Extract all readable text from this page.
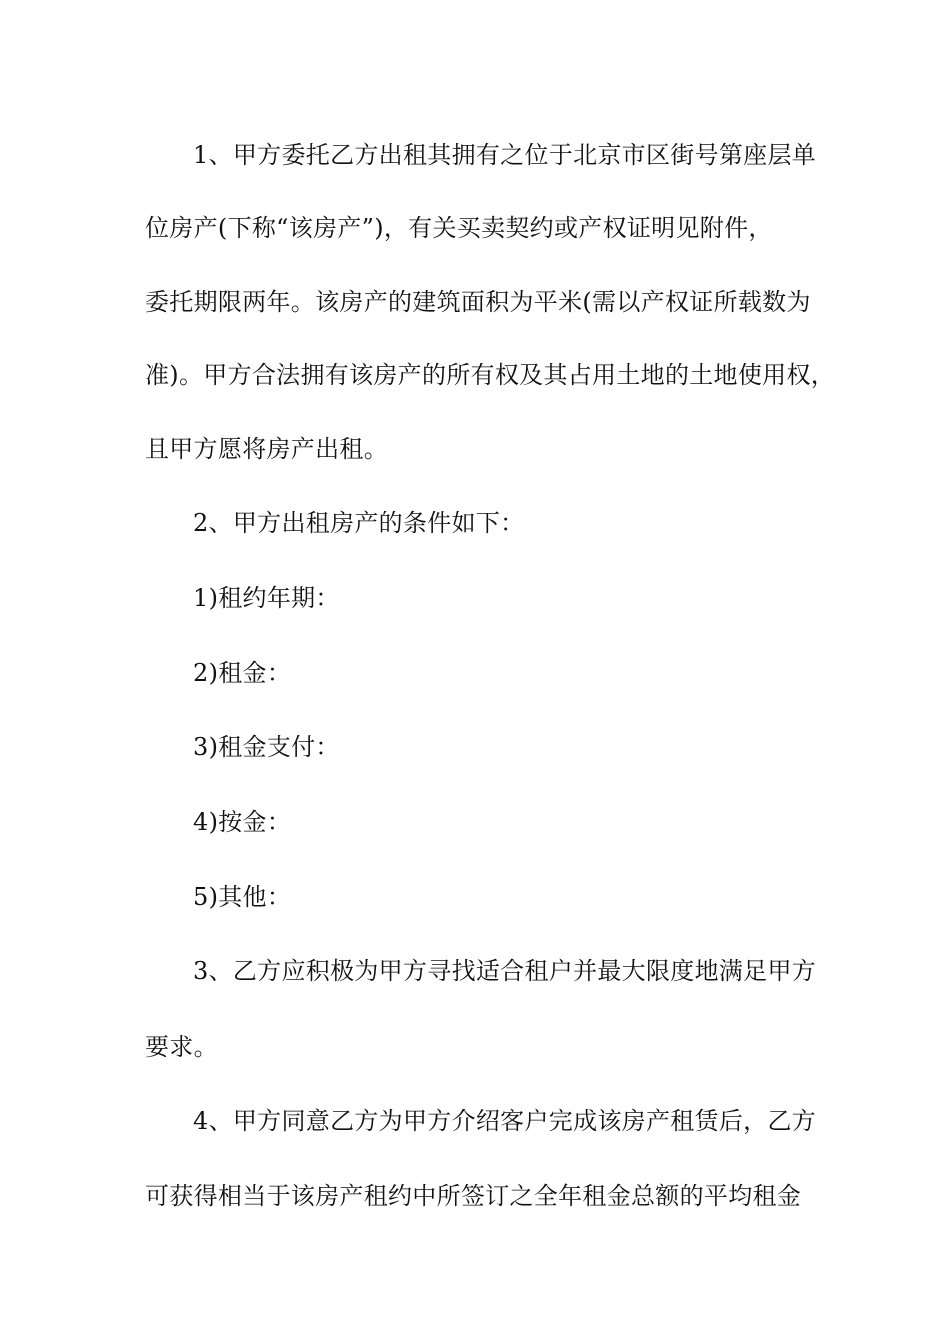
1、甲方委托乙方出租其拥有之位于北京市区街号第座层单
位房产(下称“该房产”)，有关买卖契约或产权证明见附件，
委托期限两年。该房产的建筑面积为平米(需以产权证所载数为
准)。甲方合法拥有该房产的所有权及其占用土地的土地使用权，
且甲方愿将房产出租。
2、甲方出租房产的条件如下：
1)租约年期：
2)租金：
3)租金支付：
4)按金：
5)其他：
3、乙方应积极为甲方寻找适合租户并最大限度地满足甲方
要求。
4、甲方同意乙方为甲方介绍客户完成该房产租赁后，乙方
可获得相当于该房产租约中所签订之全年租金总额的平均租金
